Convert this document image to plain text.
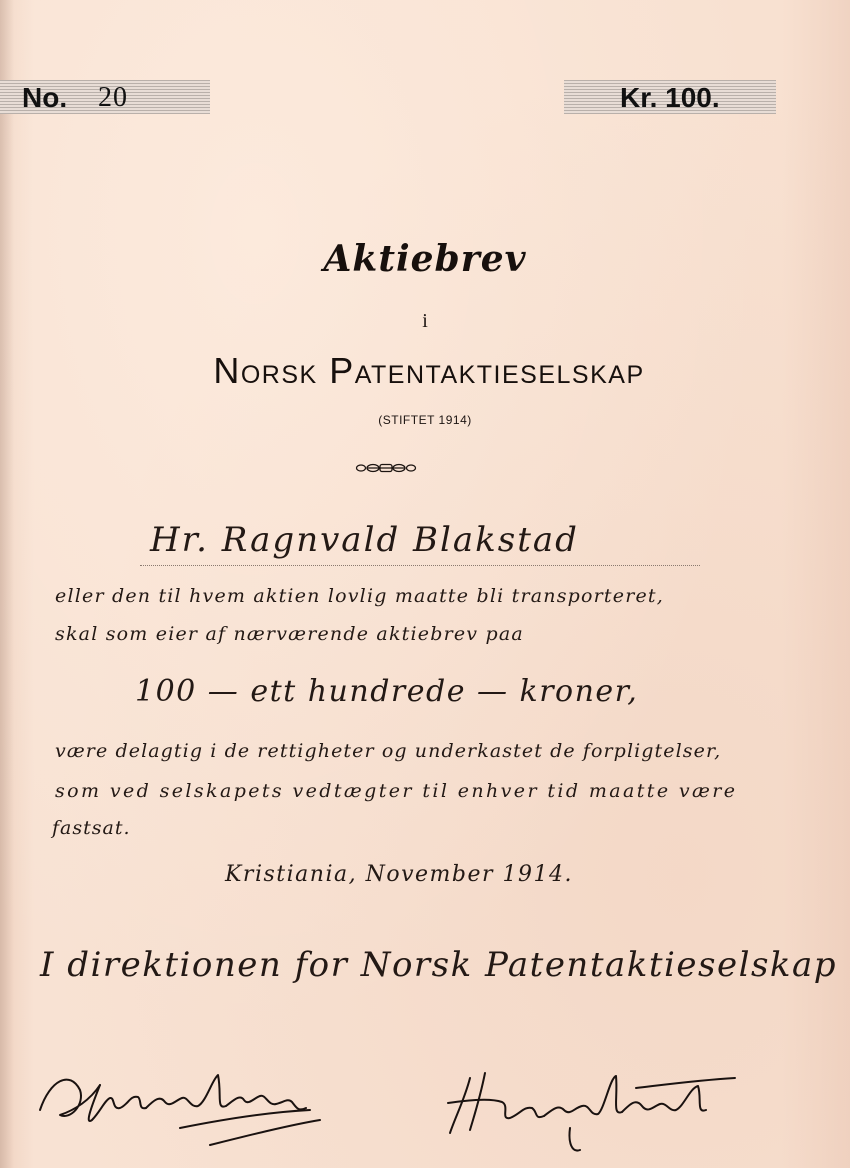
No. 20	Kr. 100.
Aktiebrev
i
Norsk Patentaktieselskap
(STIFTET 1914)
Hr. Ragnvald Blakstad
eller den til hvem aktien lovlig maatte bli transporteret,
skal som eier af nærværende aktiebrev paa
100 — ett hundrede — kroner,
være delagtig i de rettigheter og underkastet de forpligtelser,
som ved selskapets vedtægter til enhver tid maatte være
fastsat.
Kristiania, November 1914.
I direktionen for Norsk Patentaktieselskap
